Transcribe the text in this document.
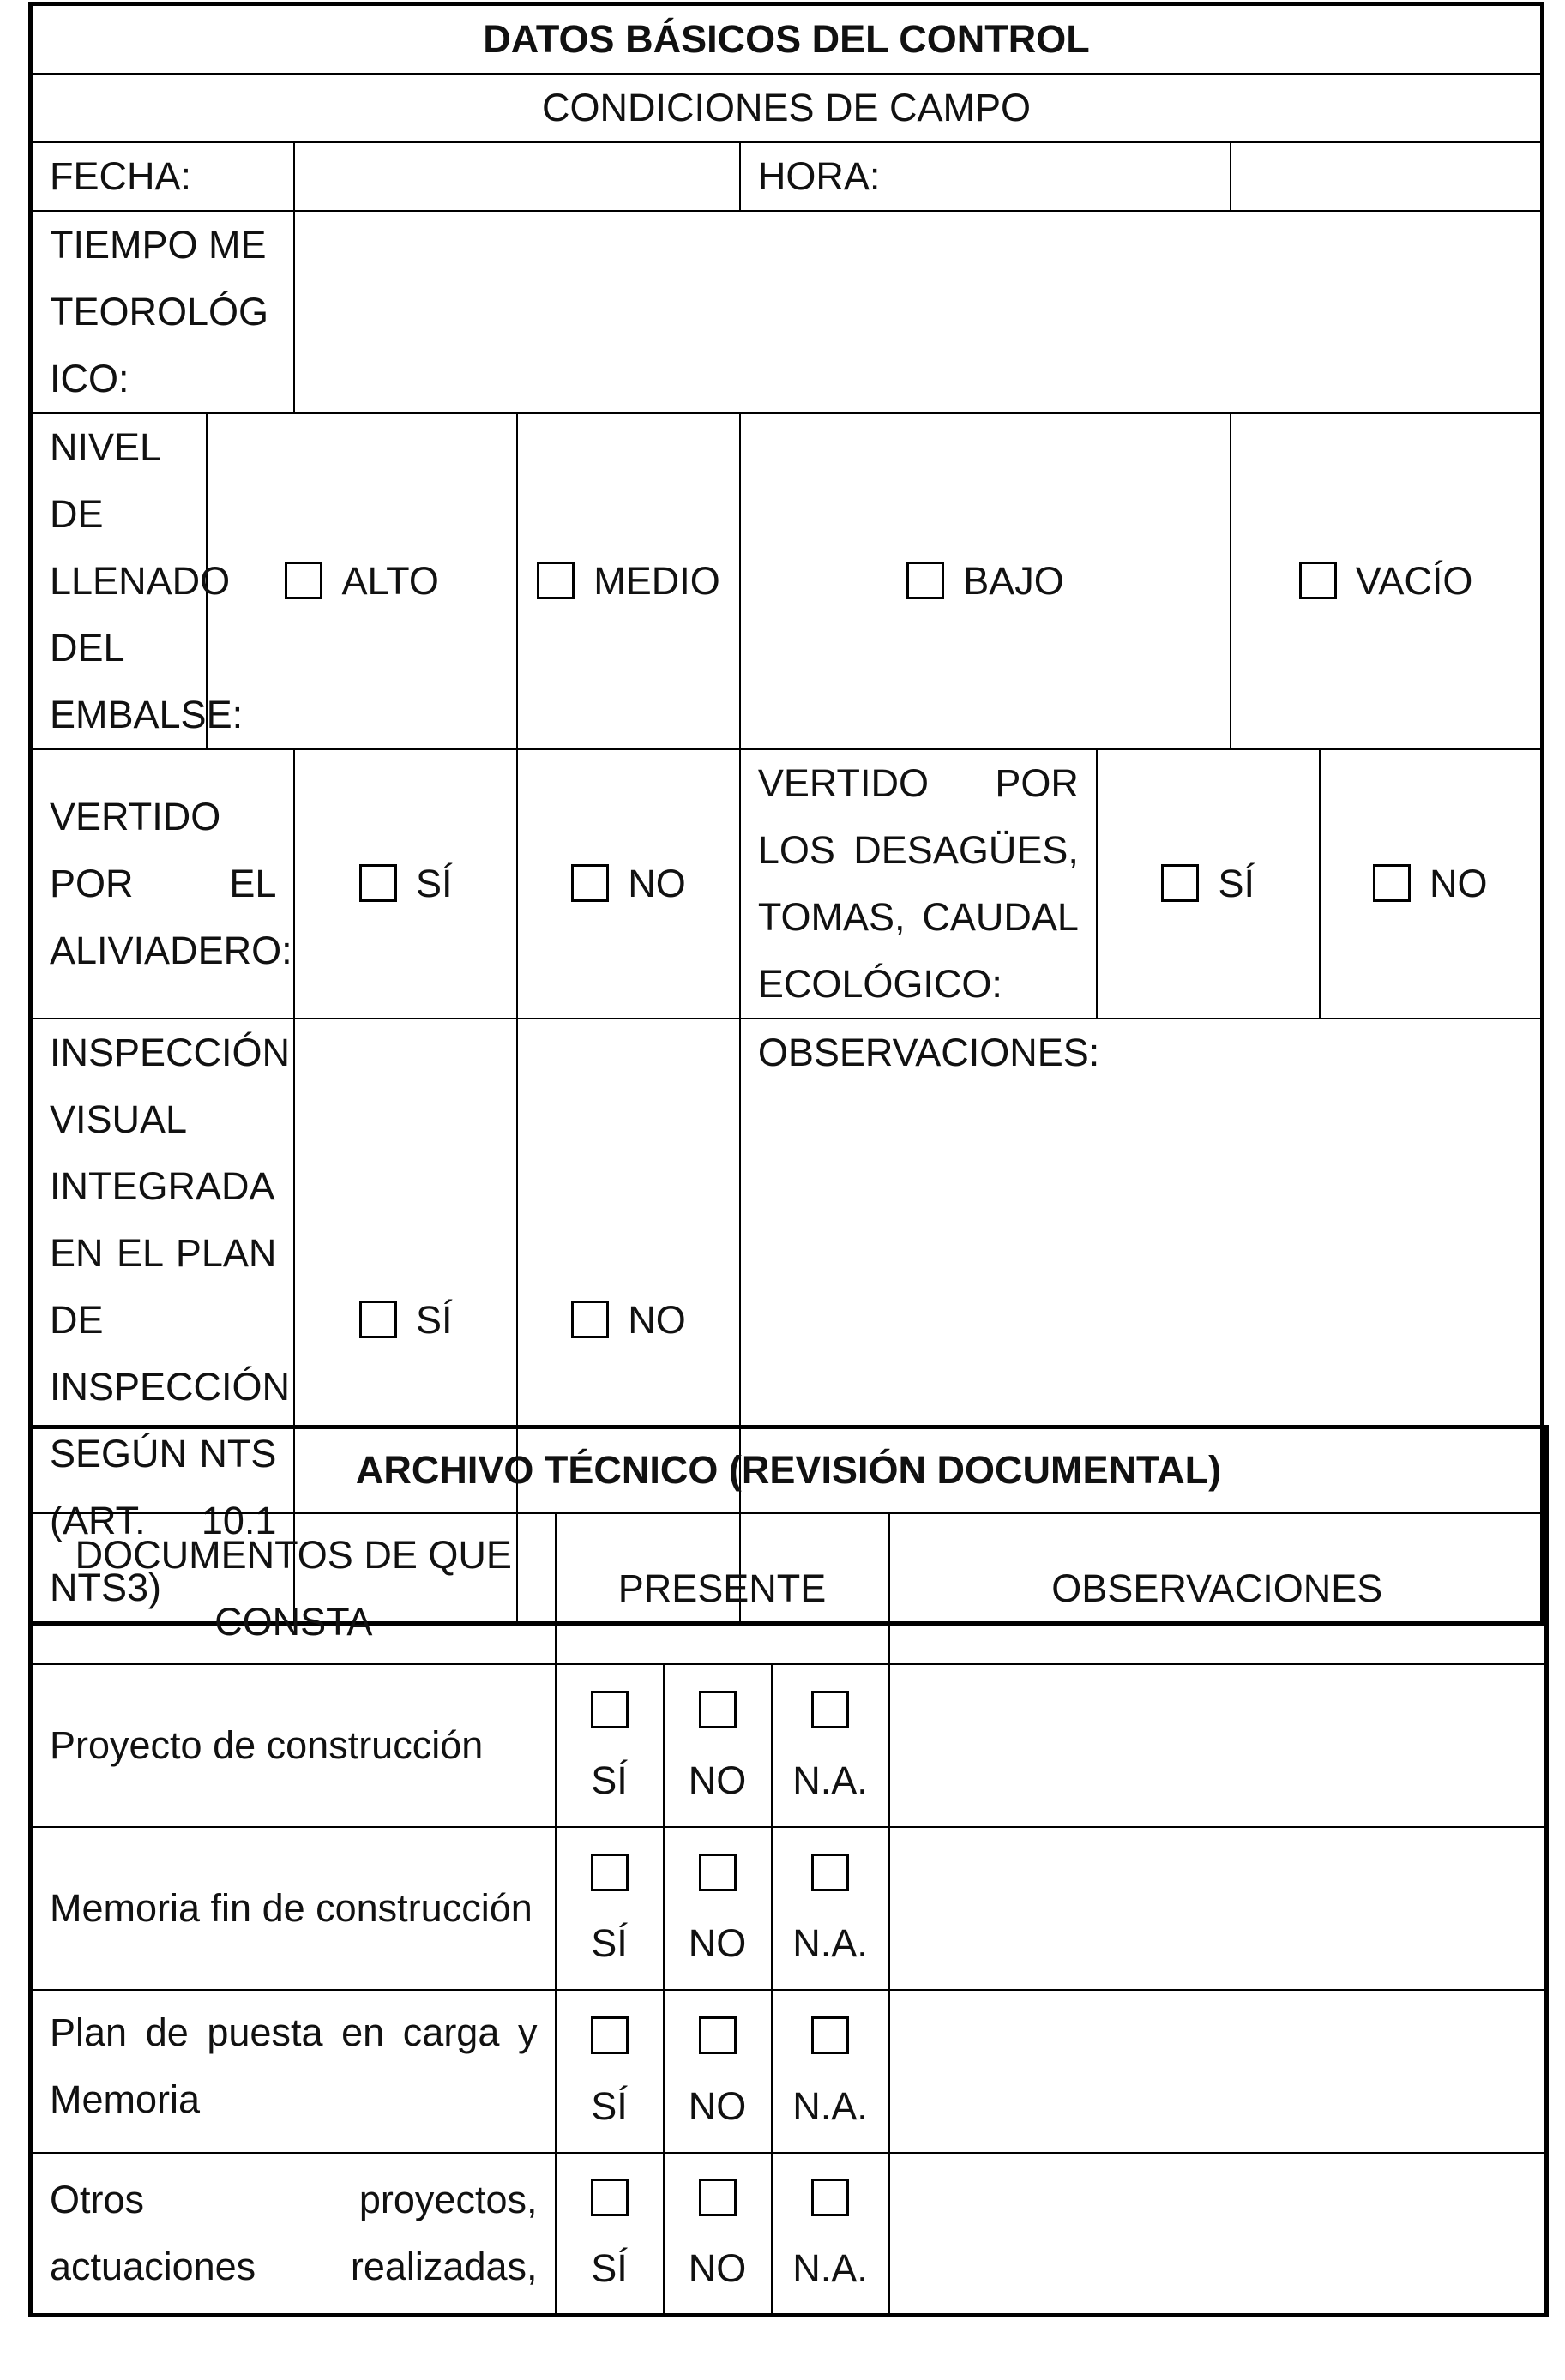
DATOS BÁSICOS DEL CONTROL							
CONDICIONES DE CAMPO							
FECHA:				HORA:			
TIEMPO METEOROLÓGICO:							
NIVEL DE LLENADO DEL EMBALSE:	ALTO		MEDIO	BAJO		VACÍO	
VERTIDO POR EL ALIVIADERO:		SÍ	NO	VERTIDO POR LOS DESAGÜES, TOMAS, CAUDAL ECOLÓGICO:	SÍ		NO
INSPECCIÓN VISUAL INTEGRADA EN EL PLAN DE INSPECCIÓN SEGÚN NTS (ART. 10.1 NTS3)		SÍ	NO	OBSERVACIONES:			
ARCHIVO TÉCNICO (REVISIÓN DOCUMENTAL)				
DOCUMENTOS DE QUE CONSTA	PRESENTE			OBSERVACIONES
Proyecto de construcción	SÍ	NO	N.A.	

Memoria fin de construcción	SÍ	NO	N.A.	

Plan de puesta en carga y Memoria	SÍ	NO	N.A.	

Otros proyectos, actuaciones realizadas,	SÍ	NO	N.A.	
